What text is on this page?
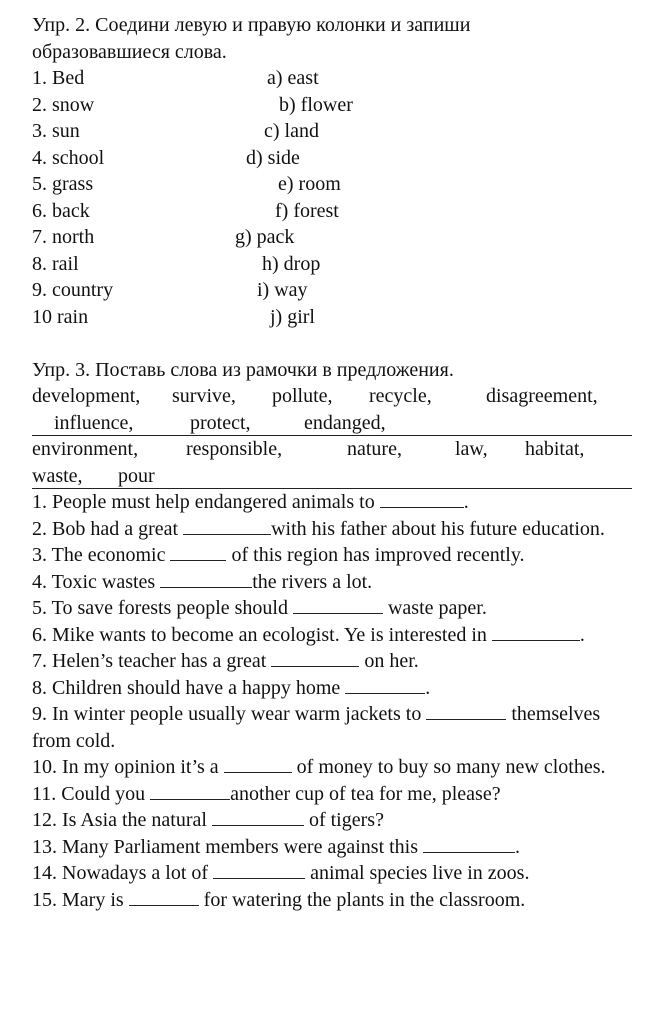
Упр. 2. Соедини левую и правую колонки и запиши
образовавшиеся слова.
1. Bed	a) east
2. snow	b) flower
3. sun	c) land
4. school	d) side
5. grass	e) room
6. back	f) forest
7. north	g) pack
8. rail	h) drop
9. country	i) way
10 rain	j) girl
Упр. 3. Поставь слова из рамочки в предложения.
development, survive, pollute, recycle,	disagreement,
influence,	protect,	endanged,
environment, responsible,	nature,	law, habitat,
waste, pour
1. People must help endangered animals to	.
2. Bob had a great	with his father about his future education.
3. The economic	of this region has improved recently.
4. Toxic wastes	the rivers a lot.
5. To save forests people should	waste paper.
6. Mike wants to become an ecologist. Ye is interested in	.
7. Helen’s teacher has a great	on her.
8. Children should have a happy home	.
9. In winter people usually wear warm jackets to	themselves from cold.
10. In my opinion it’s a	of money to buy so many new clothes.
11. Could you	another cup of tea for me, please?
12. Is Asia the natural	of tigers?
13. Many Parliament members were against this	.
14. Nowadays a lot of	animal species live in zoos.
15. Mary is	for watering the plants in the classroom.
